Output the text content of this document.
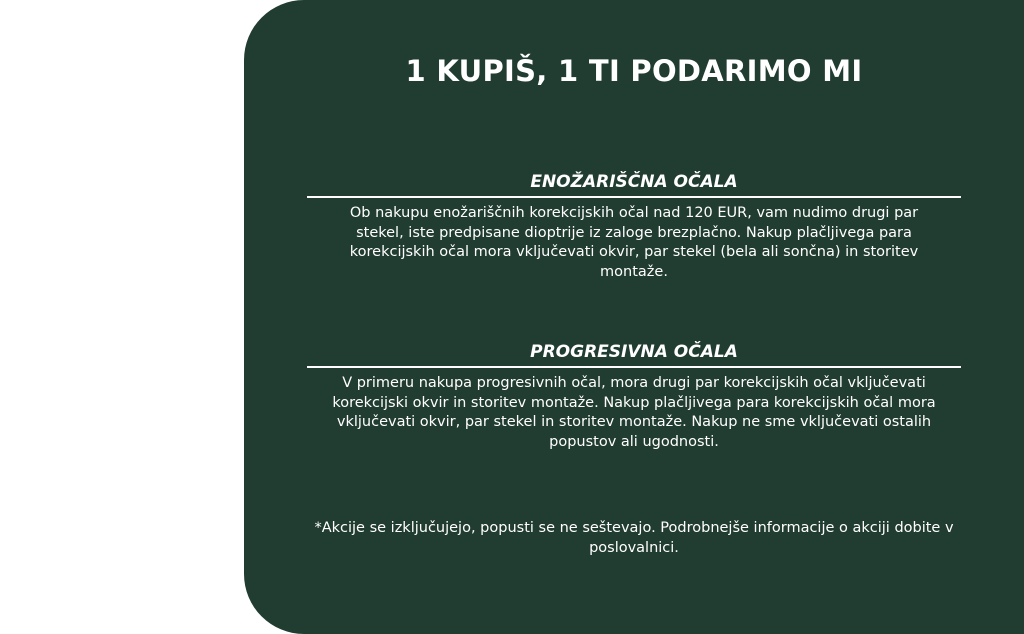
1 KUPIŠ, 1 TI PODARIMO MI
ENOŽARIŠČNA OČALA

Ob nakupu enožariščnih korekcijskih očal nad 120 EUR, vam nudimo drugi par stekel, iste predpisane dioptrije iz zaloge brezplačno. Nakup plačljivega para korekcijskih očal mora vključevati okvir, par stekel (bela ali sončna) in storitev montaže.

PROGRESIVNA OČALA

V primeru nakupa progresivnih očal, mora drugi par korekcijskih očal vključevati korekcijski okvir in storitev montaže. Nakup plačljivega para korekcijskih očal mora vključevati okvir, par stekel in storitev montaže. Nakup ne sme vključevati ostalih popustov ali ugodnosti.

*Akcije se izključujejo, popusti se ne seštevajo. Podrobnejše informacije o akciji dobite v poslovalnici.
